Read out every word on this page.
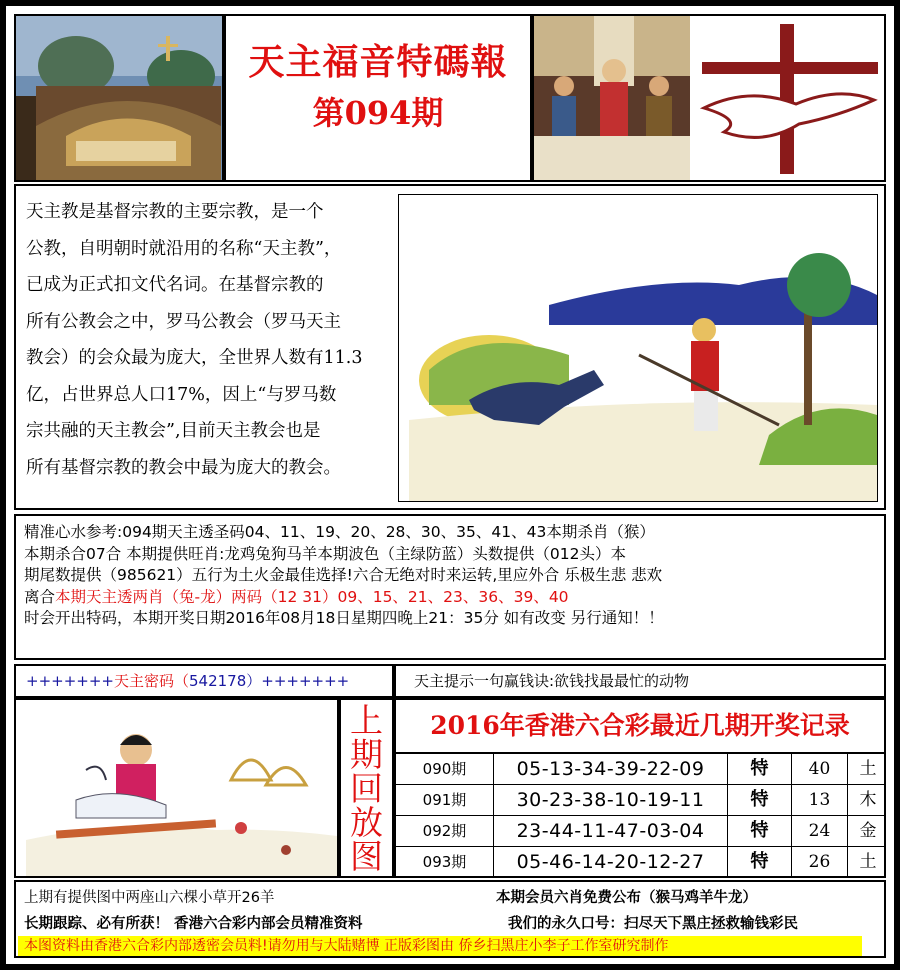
天主福音特碼報
第094期

天主教是基督宗教的主要宗教，是一个

公教，自明朝时就沿用的名称“天主教”，

已成为正式扣文代名词。在基督宗教的

所有公教会之中，罗马公教会（罗马天主

教会）的会众最为庞大，全世界人数有11.3

亿，占世界总人口17%，因上“与罗马数

宗共融的天主教会”,目前天主教会也是

所有基督宗教的教会中最为庞大的教会。

精准心水参考:094期天主透圣码04、11、19、20、28、30、35、41、43本期杀肖（猴）

本期杀合07合 本期提供旺肖:龙鸡兔狗马羊本期波色（主绿防蓝）头数提供（012头）本

期尾数提供（985621）五行为土火金最佳选择!六合无绝对时来运转,里应外合 乐极生悲 悲欢

离合本期天主透两肖（兔-龙）两码（12 31）09、15、21、23、36、39、40

时会开出特码，本期开奖日期2016年08月18日星期四晚上21：35分 如有改变 另行通知！！

+++++++天主密码（542178）+++++++	天主提示一句赢钱诀:欲钱找最最忙的动物
上
期
回
放
图
2016年香港六合彩最近几期开奖记录
090期	05-13-34-39-22-09	特	40	土
091期	30-23-38-10-19-11	特	13	木
092期	23-44-11-47-03-04	特	24	金
093期	05-46-14-20-12-27	特	26	土
上期有提供图中两座山六棵小草开26羊	本期会员六肖免费公布（猴马鸡羊牛龙）
长期跟踪、必有所获！ 香港六合彩内部会员精准资料	我们的永久口号：扫尽天下黑庄拯救输钱彩民
本图资料由香港六合彩内部透密会员料!请勿用与大陆赌博 正版彩图由 侨乡扫黑庄小李子工作室研究制作
